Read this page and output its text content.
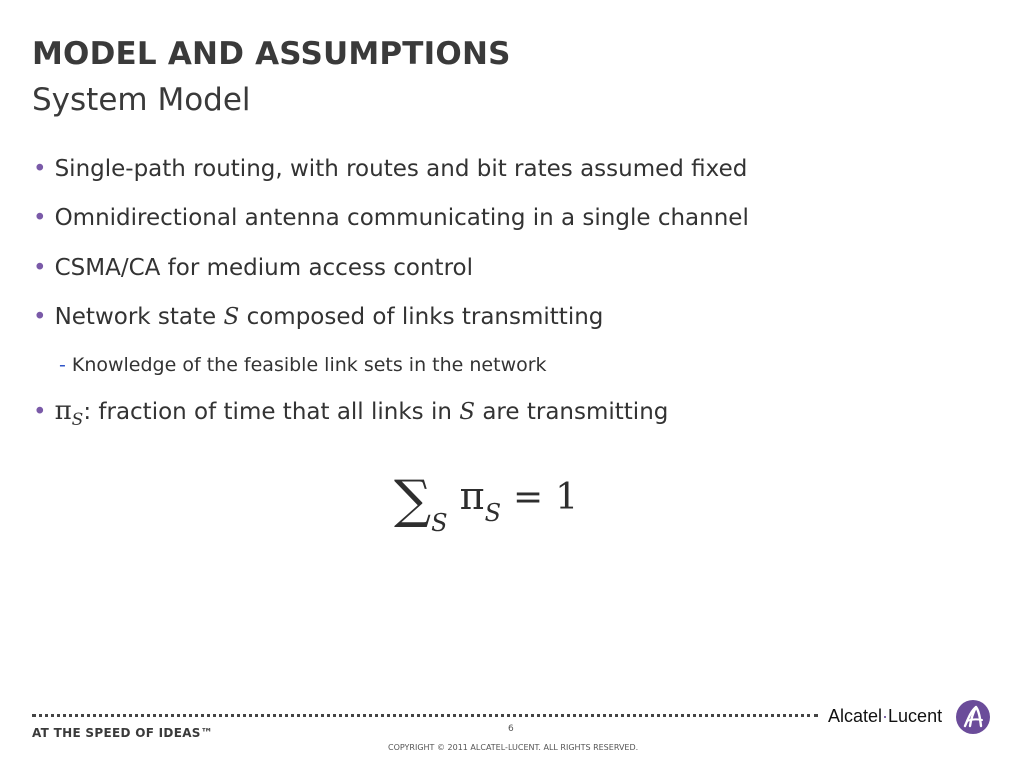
MODEL AND ASSUMPTIONS
System Model
• Single-path routing, with routes and bit rates assumed fixed
• Omnidirectional antenna communicating in a single channel
• CSMA/CA for medium access control
• Network state S composed of links transmitting
- Knowledge of the feasible link sets in the network
• $\pi_S$: fraction of time that all links in S are transmitting
∑SπS = 1
AT THE SPEED OF IDEAS™	6
COPYRIGHT © 2011 ALCATEL-LUCENT. ALL RIGHTS RESERVED.
Alcatel·Lucent
